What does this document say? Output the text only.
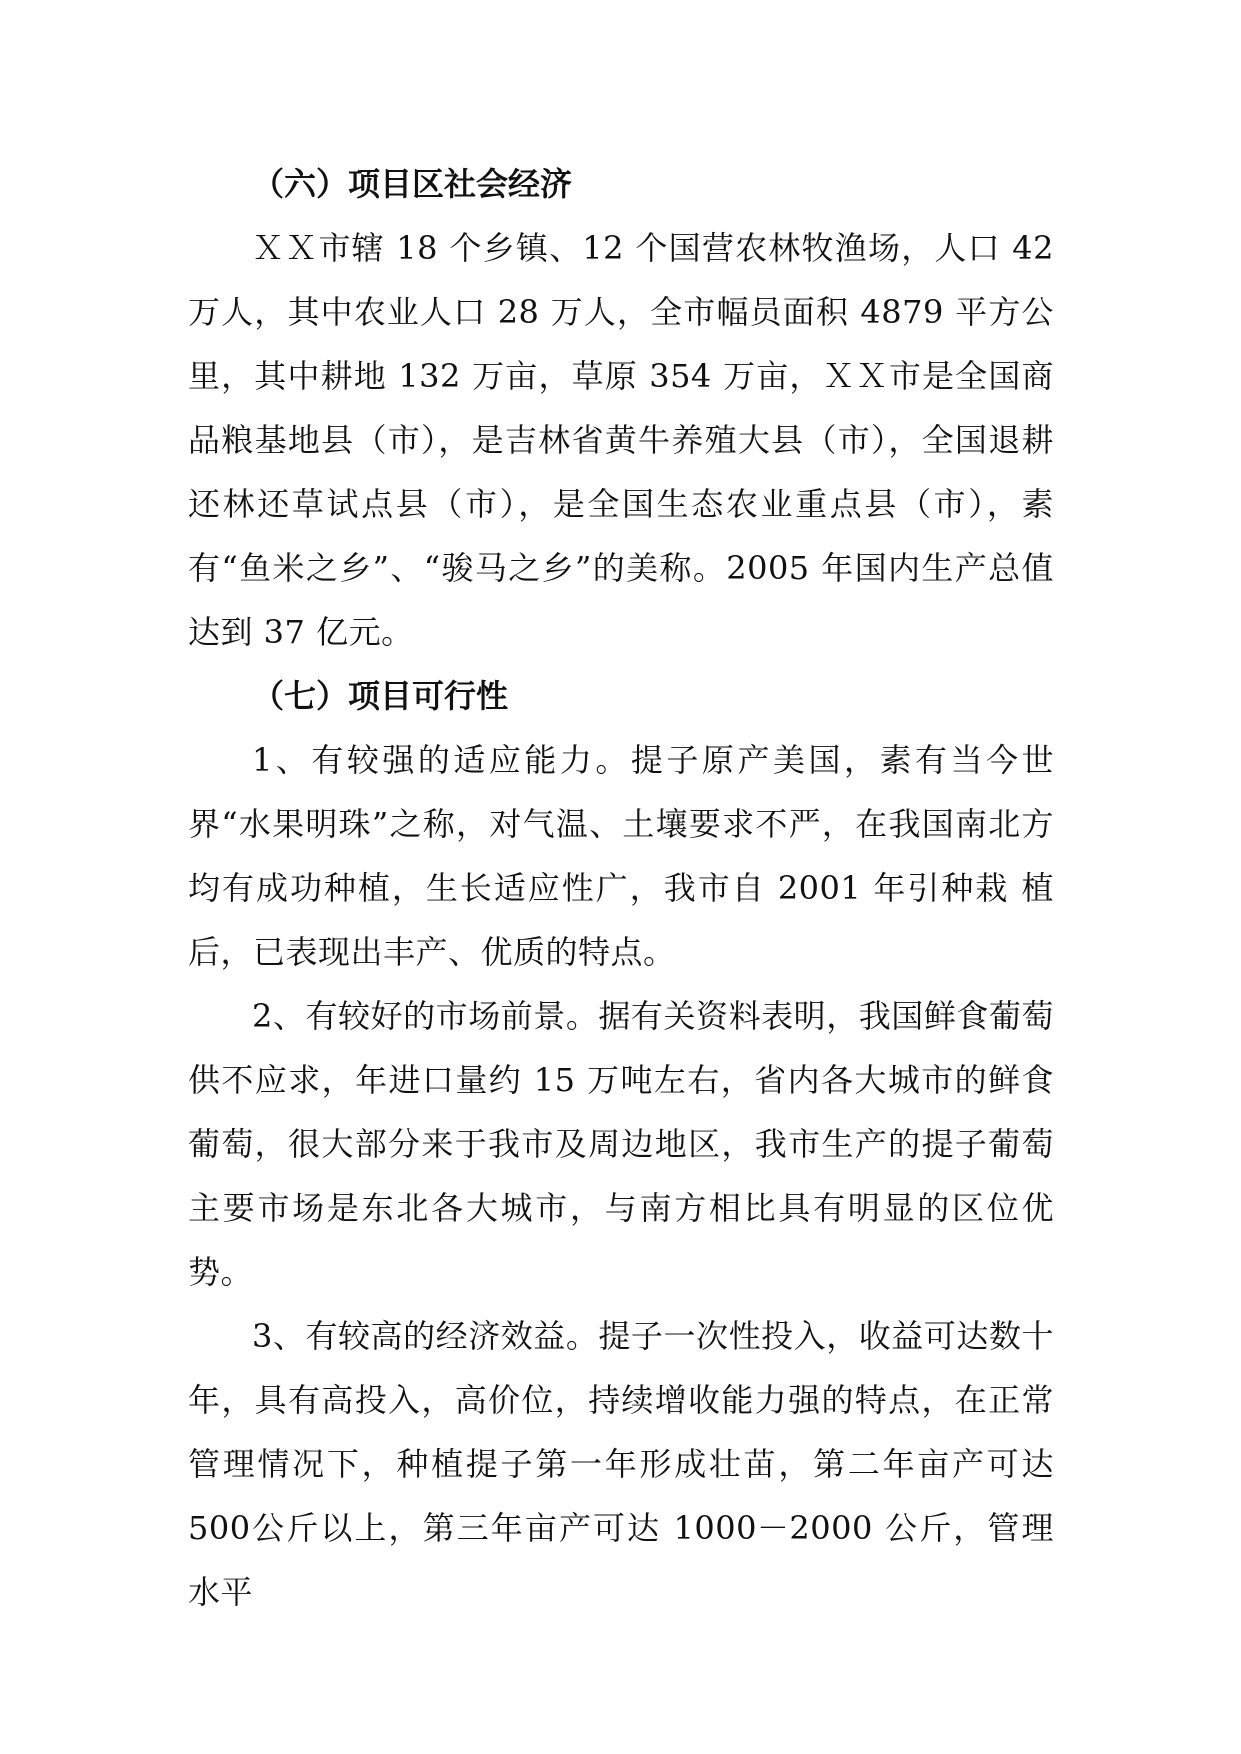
（六）项目区社会经济

ＸＸ市辖 18 个乡镇、12 个国营农林牧渔场，人口 42 万人，其中农业人口 28 万人，全市幅员面积 4879 平方公里，其中耕地 132 万亩，草原 354 万亩，ＸＸ市是全国商品粮基地县（市），是吉林省黄牛养殖大县（市），全国退耕还林还草试点县（市），是全国生态农业重点县（市），素有“鱼米之乡”、“骏马之乡”的美称。2005 年国内生产总值达到 37 亿元。

（七）项目可行性

1、有较强的适应能力。提子原产美国，素有当今世界“水果明珠”之称，对气温、土壤要求不严，在我国南北方均有成功种植，生长适应性广，我市自 2001 年引种栽 植后，已表现出丰产、优质的特点。

2、有较好的市场前景。据有关资料表明，我国鲜食葡萄供不应求，年进口量约 15 万吨左右，省内各大城市的鲜食葡萄，很大部分来于我市及周边地区，我市生产的提子葡萄主要市场是东北各大城市，与南方相比具有明显的区位优势。

3、有较高的经济效益。提子一次性投入，收益可达数十年，具有高投入，高价位，持续增收能力强的特点，在正常管理情况下，种植提子第一年形成壮苗，第二年亩产可达500公斤以上，第三年亩产可达 1000－2000 公斤，管理水平
